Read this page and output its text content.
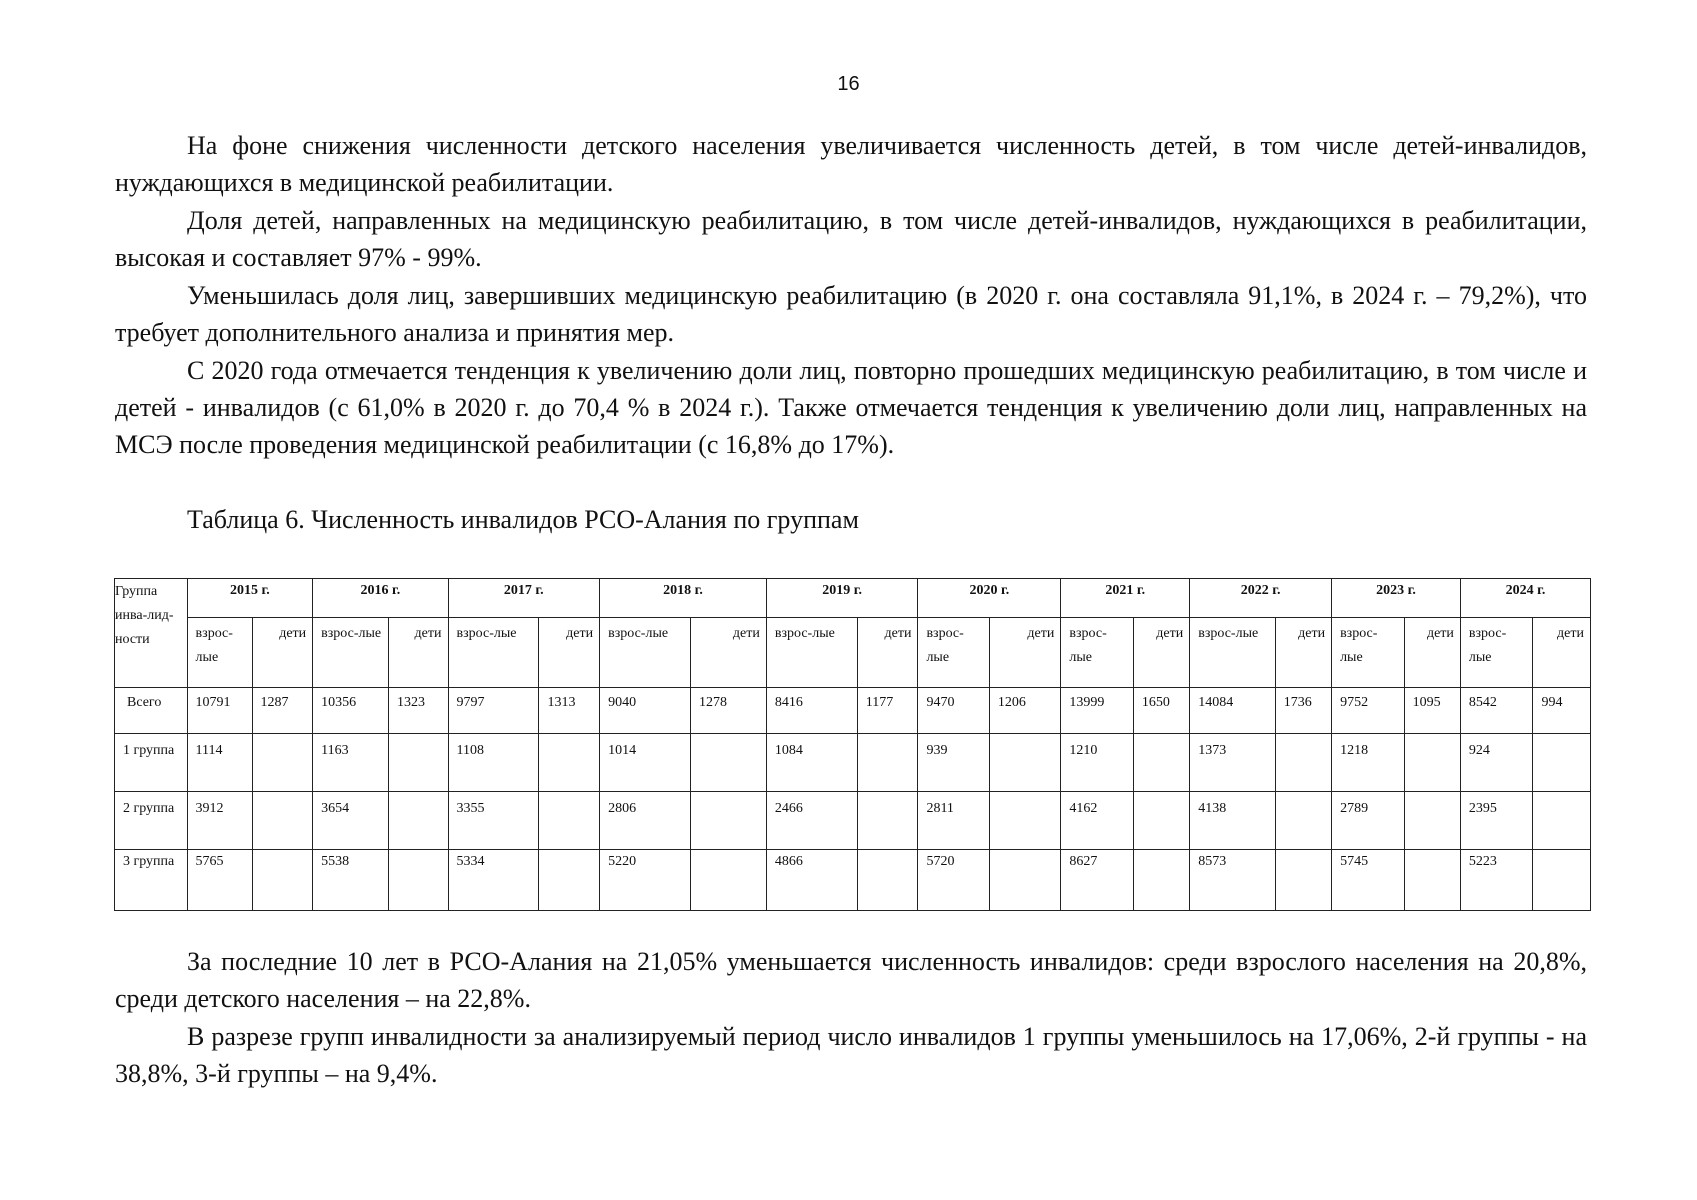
16

На фоне снижения численности детского населения увеличивается численность детей, в том числе детей-инвалидов, нуждающихся в медицинской реабилитации.

Доля детей, направленных на медицинскую реабилитацию, в том числе детей-инвалидов, нуждающихся в реабилитации, высокая и составляет 97% - 99%.

Уменьшилась доля лиц, завершивших медицинскую реабилитацию (в 2020 г. она составляла 91,1%, в 2024 г. – 79,2%), что требует дополнительного анализа и принятия мер.

С 2020 года отмечается тенденция к увеличению доли лиц, повторно прошедших медицинскую реабилитацию, в том числе и детей - инвалидов (с 61,0% в 2020 г. до 70,4 % в 2024 г.). Также отмечается тенденция к увеличению доли лиц, направленных на МСЭ после проведения медицинской реабилитации (с 16,8% до 17%).

Таблица 6. Численность инвалидов РСО-Алания по группам

Группа инва-лид-ности	2015 г.		2016 г.		2017 г.		2018 г.		2019 г.		2020 г.		2021 г.		2022 г.		2023 г.		2024 г.	
	взрос-лые	дети	взрос-лые	дети	взрос-лые	дети	взрос-лые	дети	взрос-лые	дети	взрос-лые	дети	взрос-лые	дети	взрос-лые	дети	взрос-лые	дети	взрос-лые	дети
Всего	10791	1287	10356	1323	9797	1313	9040	1278	8416	1177	9470	1206	13999	1650	14084	1736	9752	1095	8542	994
1 группа	1114		1163		1108		1014		1084		939		1210		1373		1218		924	
2 группа	3912		3654		3355		2806		2466		2811		4162		4138		2789		2395	
3 группа	5765		5538		5334		5220		4866		5720		8627		8573		5745		5223	

За последние 10 лет в РСО-Алания на 21,05% уменьшается численность инвалидов: среди взрослого населения на 20,8%, среди детского населения – на 22,8%.

В разрезе групп инвалидности за анализируемый период число инвалидов 1 группы уменьшилось на 17,06%, 2-й группы - на 38,8%, 3-й группы – на 9,4%.
